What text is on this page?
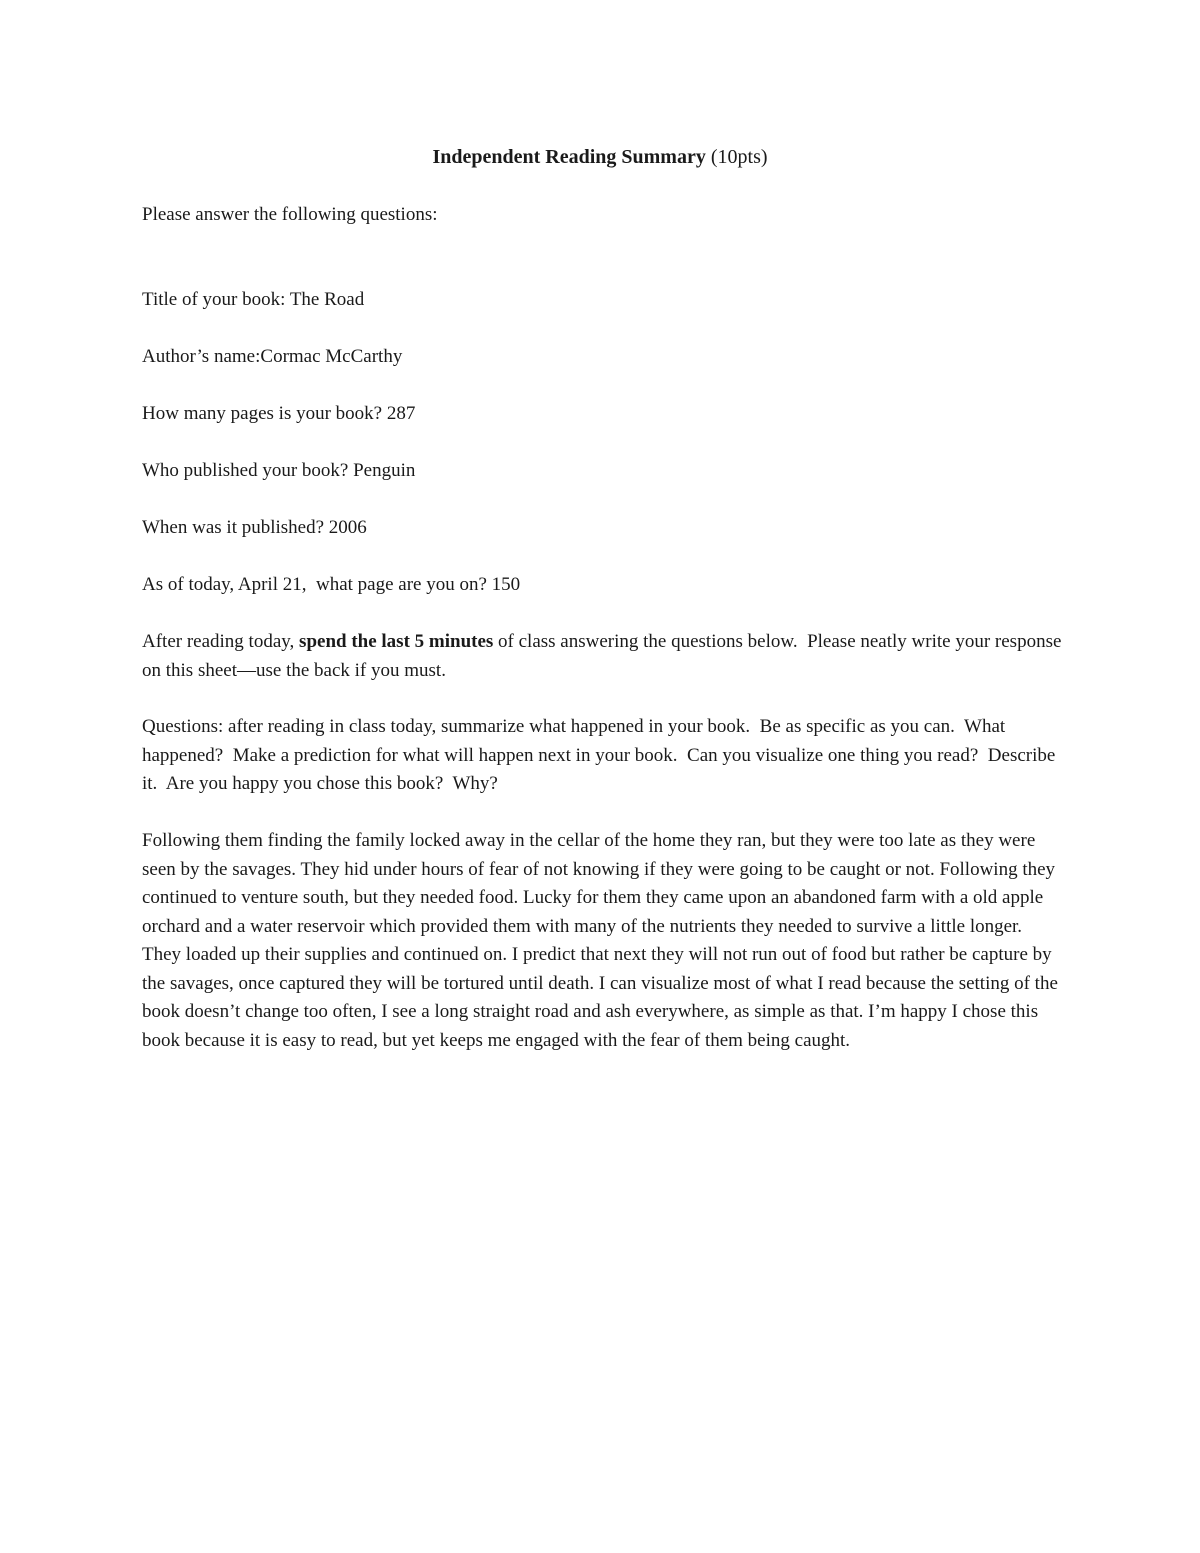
Independent Reading Summary (10pts)
Please answer the following questions:
Title of your book: The Road
Author’s name:Cormac McCarthy
How many pages is your book? 287
Who published your book? Penguin
When was it published? 2006
As of today, April 21,  what page are you on? 150
After reading today, spend the last 5 minutes of class answering the questions below.  Please neatly write your response on this sheet—use the back if you must.
Questions: after reading in class today, summarize what happened in your book.  Be as specific as you can.  What happened?  Make a prediction for what will happen next in your book.  Can you visualize one thing you read?  Describe it.  Are you happy you chose this book?  Why?
Following them finding the family locked away in the cellar of the home they ran, but they were too late as they were seen by the savages. They hid under hours of fear of not knowing if they were going to be caught or not. Following they continued to venture south, but they needed food. Lucky for them they came upon an abandoned farm with a old apple orchard and a water reservoir which provided them with many of the nutrients they needed to survive a little longer. They loaded up their supplies and continued on. I predict that next they will not run out of food but rather be capture by the savages, once captured they will be tortured until death. I can visualize most of what I read because the setting of the book doesn’t change too often, I see a long straight road and ash everywhere, as simple as that. I’m happy I chose this book because it is easy to read, but yet keeps me engaged with the fear of them being caught.
